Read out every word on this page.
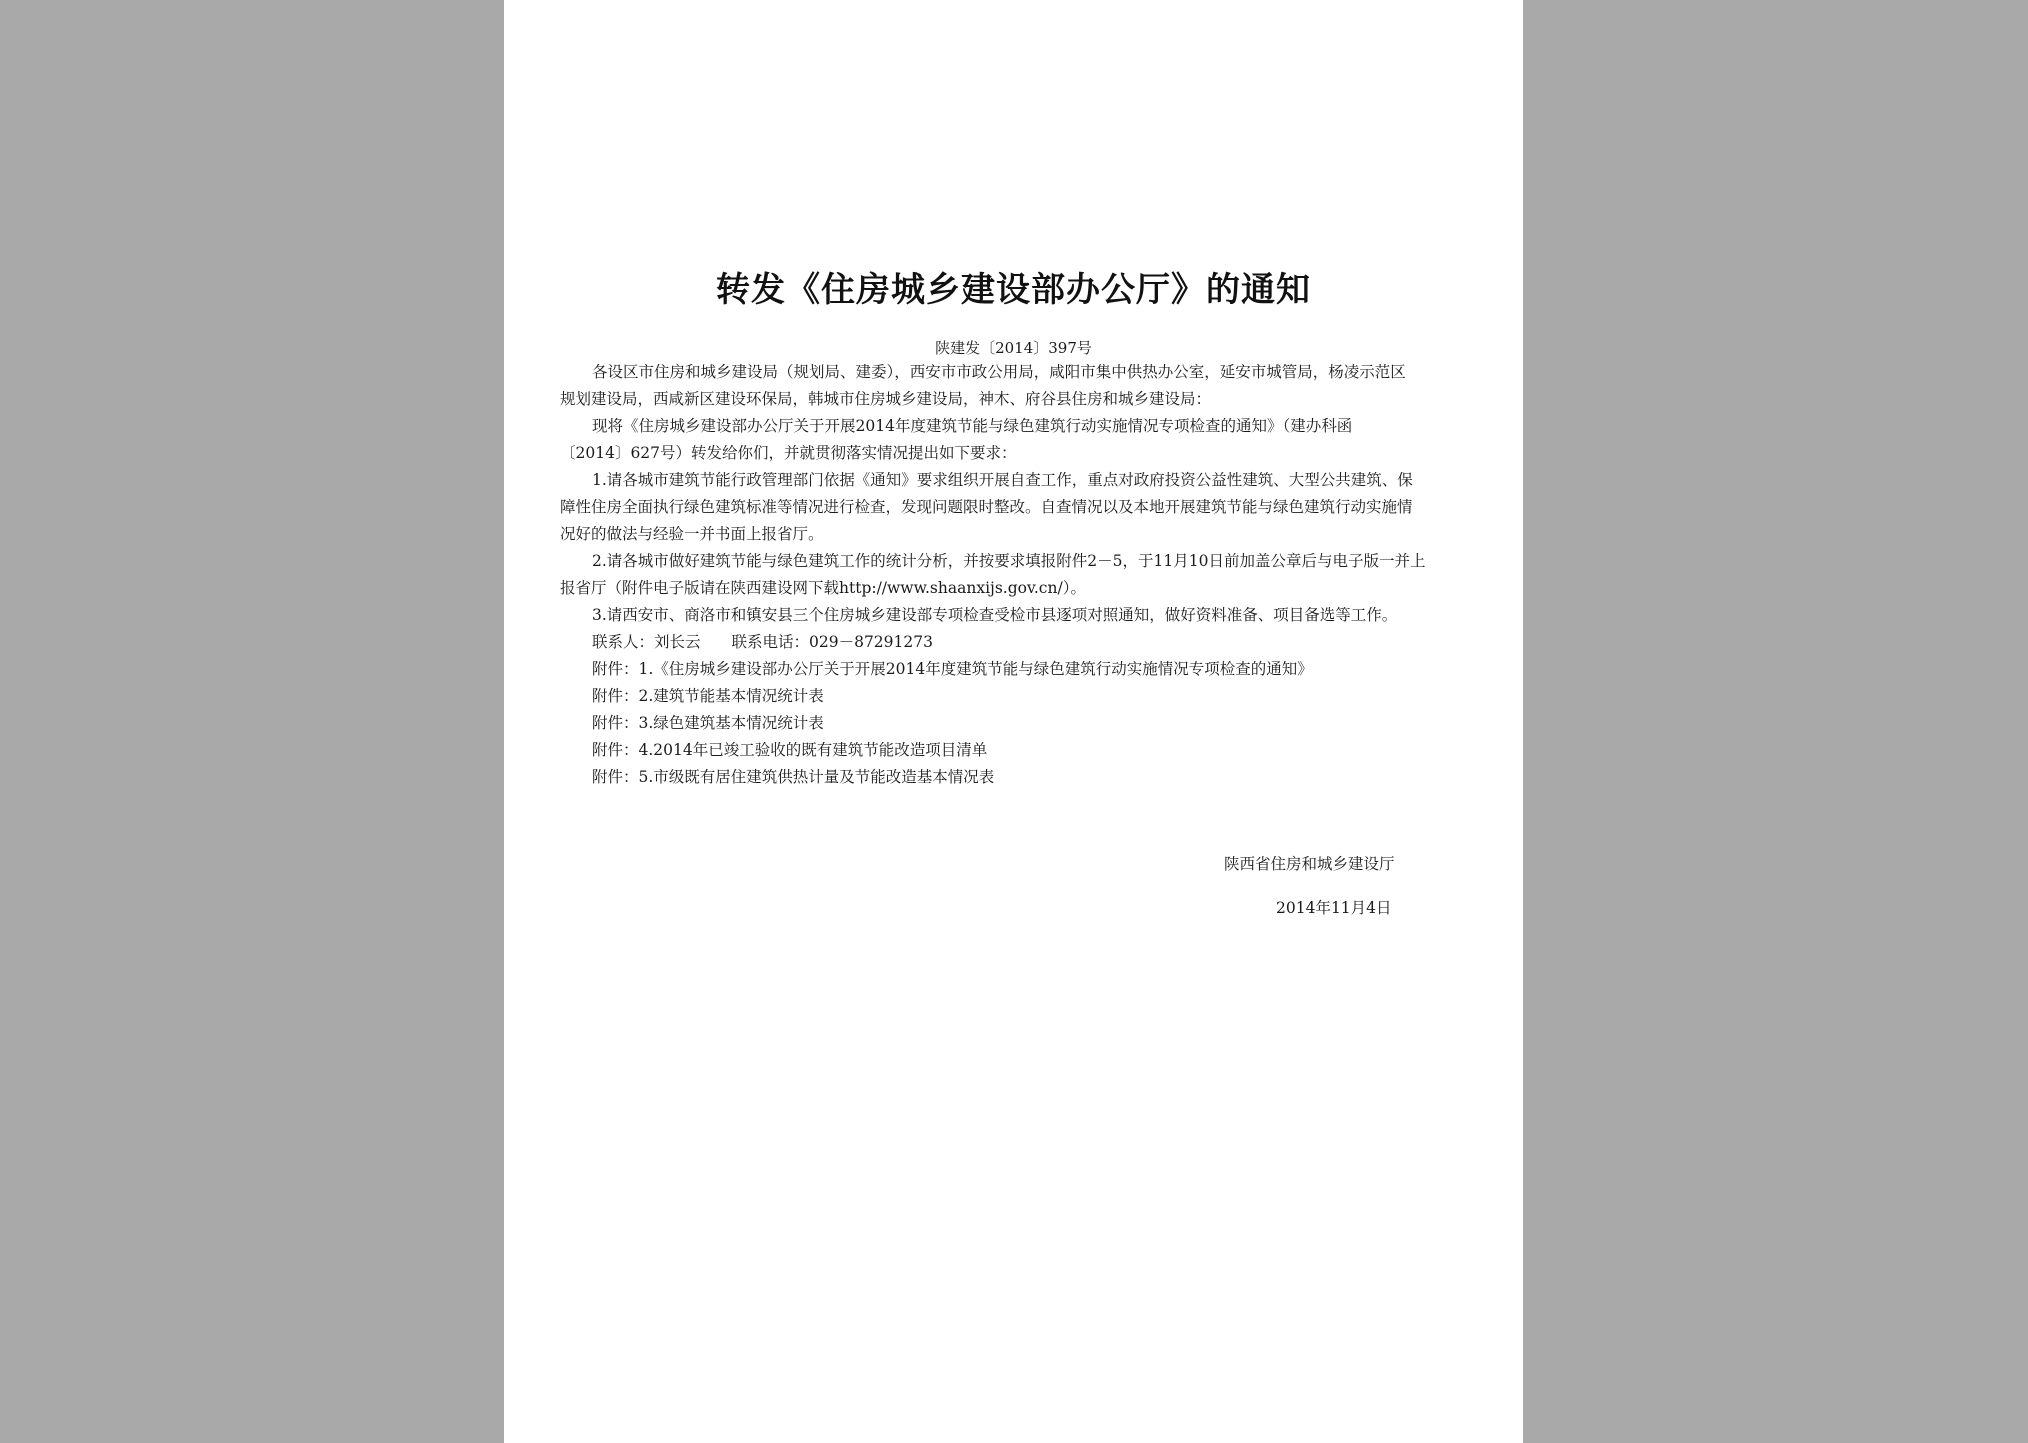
转发《住房城乡建设部办公厅》的通知
陕建发〔2014〕397号
各设区市住房和城乡建设局（规划局、建委），西安市市政公用局，咸阳市集中供热办公室，延安市城管局，杨凌示范区
规划建设局，西咸新区建设环保局，韩城市住房城乡建设局，神木、府谷县住房和城乡建设局：
现将《住房城乡建设部办公厅关于开展2014年度建筑节能与绿色建筑行动实施情况专项检查的通知》（建办科函
〔2014〕627号）转发给你们，并就贯彻落实情况提出如下要求：
1.请各城市建筑节能行政管理部门依据《通知》要求组织开展自查工作，重点对政府投资公益性建筑、大型公共建筑、保
障性住房全面执行绿色建筑标准等情况进行检查，发现问题限时整改。自查情况以及本地开展建筑节能与绿色建筑行动实施情
况好的做法与经验一并书面上报省厅。
2.请各城市做好建筑节能与绿色建筑工作的统计分析，并按要求填报附件2－5，于11月10日前加盖公章后与电子版一并上
报省厅（附件电子版请在陕西建设网下载http://www.shaanxijs.gov.cn/）。
3.请西安市、商洛市和镇安县三个住房城乡建设部专项检查受检市县逐项对照通知，做好资料准备、项目备选等工作。
联系人：刘长云　　联系电话：029－87291273
附件：1.《住房城乡建设部办公厅关于开展2014年度建筑节能与绿色建筑行动实施情况专项检查的通知》
附件：2.建筑节能基本情况统计表
附件：3.绿色建筑基本情况统计表
附件：4.2014年已竣工验收的既有建筑节能改造项目清单
附件：5.市级既有居住建筑供热计量及节能改造基本情况表
陕西省住房和城乡建设厅
2014年11月4日
